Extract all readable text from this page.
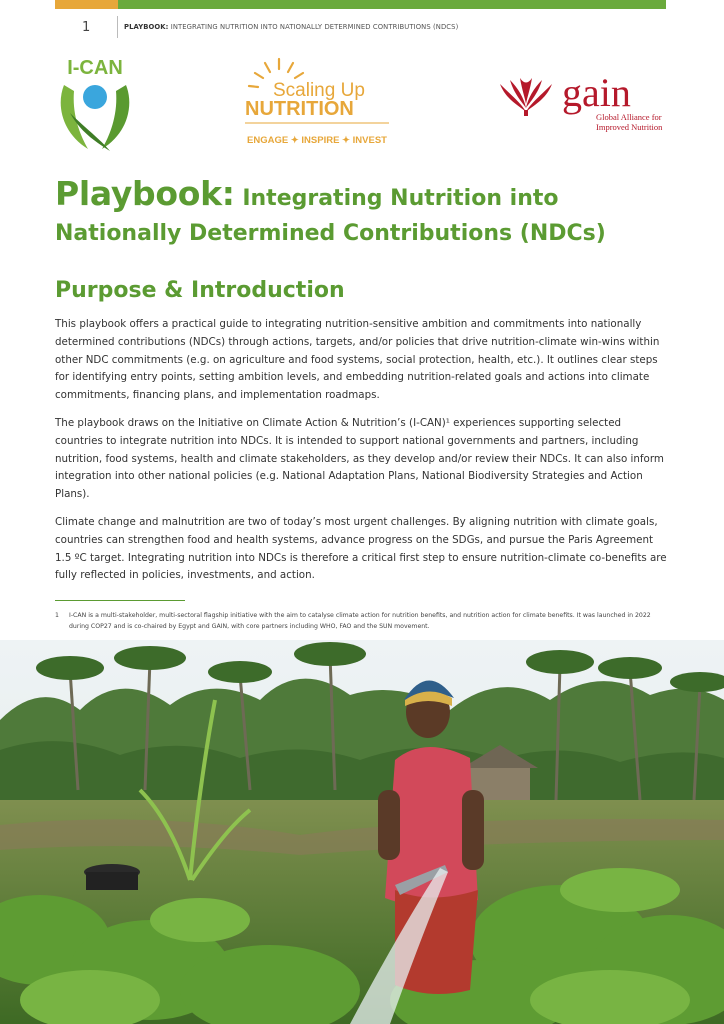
1	PLAYBOOK: INTEGRATING NUTRITION INTO NATIONALLY DETERMINED CONTRIBUTIONS (NDCS)
I-CAN
Scaling Up
NUTRITION
ENGAGE ✦ INSPIRE ✦ INVEST
gain
Global Alliance for
Improved Nutrition
Playbook: Integrating Nutrition into
Nationally Determined Contributions (NDCs)
Purpose & Introduction

This playbook offers a practical guide to integrating nutrition-sensitive ambition and commitments into nationally determined contributions (NDCs) through actions, targets, and/or policies that drive nutrition-climate win-wins within other NDC commitments (e.g. on agriculture and food systems, social protection, health, etc.). It outlines clear steps for identifying entry points, setting ambition levels, and embedding nutrition-related goals and actions into climate commitments, financing plans, and implementation roadmaps.

The playbook draws on the Initiative on Climate Action & Nutrition’s (I-CAN)¹ experiences supporting selected countries to integrate nutrition into NDCs. It is intended to support national governments and partners, including nutrition, food systems, health and climate stakeholders, as they develop and/or review their NDCs. It can also inform integration into other national policies (e.g. National Adaptation Plans, National Biodiversity Strategies and Action Plans).

Climate change and malnutrition are two of today’s most urgent challenges. By aligning nutrition with climate goals, countries can strengthen food and health systems, advance progress on the SDGs, and pursue the Paris Agreement 1.5 ºC target. Integrating nutrition into NDCs is therefore a critical first step to ensure nutrition-climate co-benefits are fully reflected in policies, investments, and action.

1	I-CAN is a multi-stakeholder, multi-sectoral flagship initiative with the aim to catalyse climate action for nutrition benefits, and nutrition action for climate benefits. It was launched in 2022 during COP27 and is co-chaired by Egypt and GAIN, with core partners including WHO, FAO and the SUN movement.
